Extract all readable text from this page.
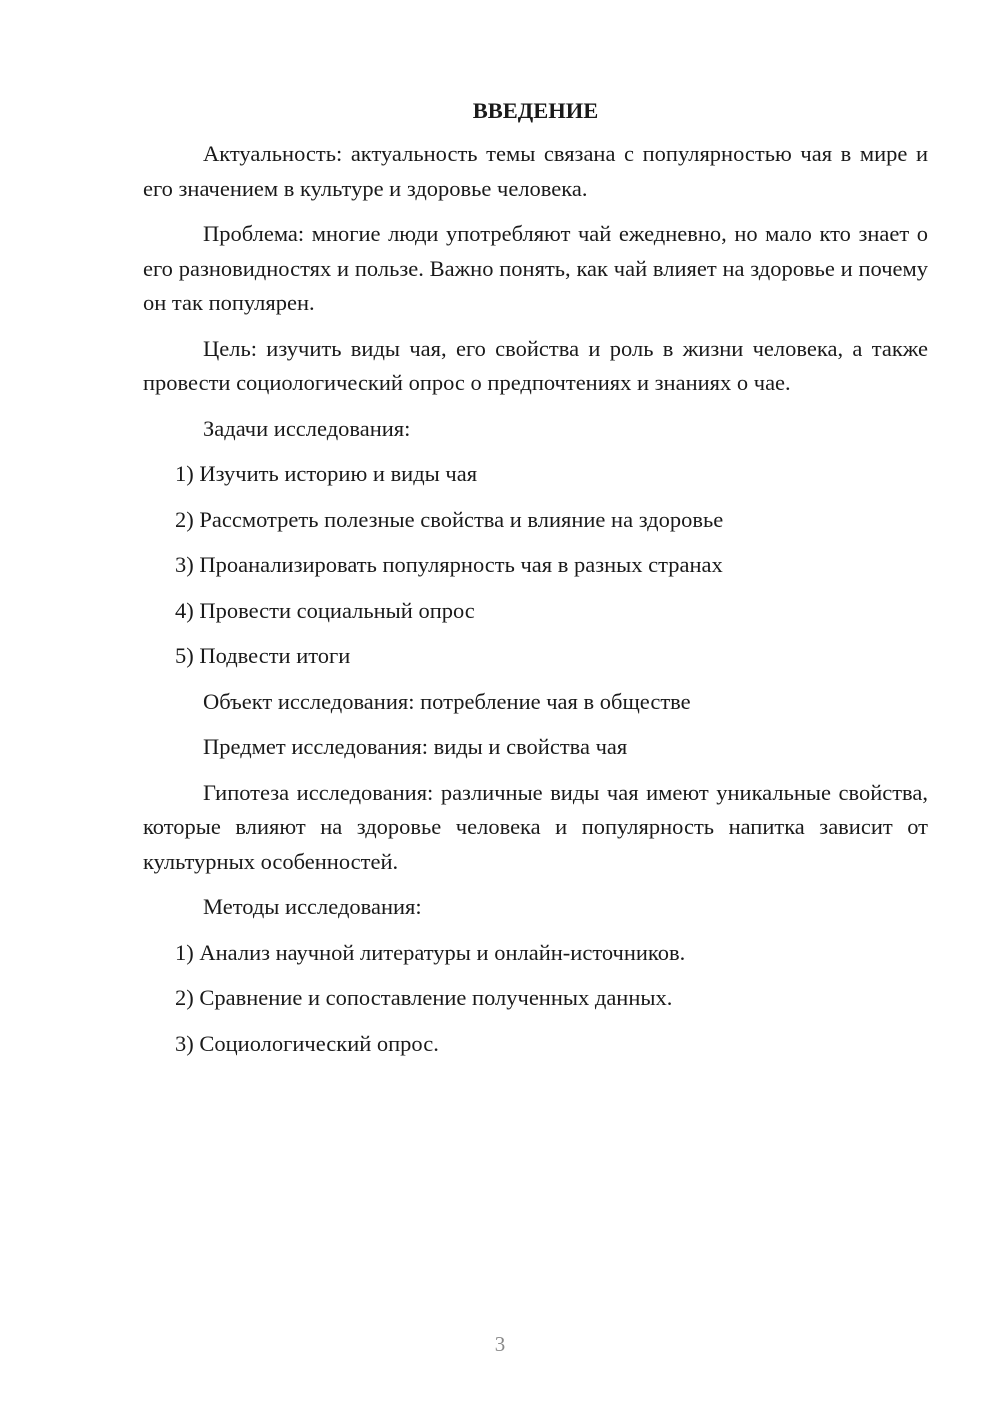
ВВЕДЕНИЕ

Актуальность: актуальность темы связана с популярностью чая в мире и его значением в культуре и здоровье человека.

Проблема: многие люди употребляют чай ежедневно, но мало кто знает о его разновидностях и пользе. Важно понять, как чай влияет на здоровье и почему он так популярен.

Цель: изучить виды чая, его свойства и роль в жизни человека, а также провести социологический опрос о предпочтениях и знаниях о чае.

Задачи исследования:

1) Изучить историю и виды чая

2) Рассмотреть полезные свойства и влияние на здоровье

3) Проанализировать популярность чая в разных странах

4) Провести социальный опрос

5) Подвести итоги

Объект исследования: потребление чая в обществе

Предмет исследования: виды и свойства чая

Гипотеза исследования: различные виды чая имеют уникальные свойства, которые влияют на здоровье человека и популярность напитка зависит от культурных особенностей.

Методы исследования:

1) Анализ научной литературы и онлайн-источников.

2) Сравнение и сопоставление полученных данных.

3) Социологический опрос.

3
